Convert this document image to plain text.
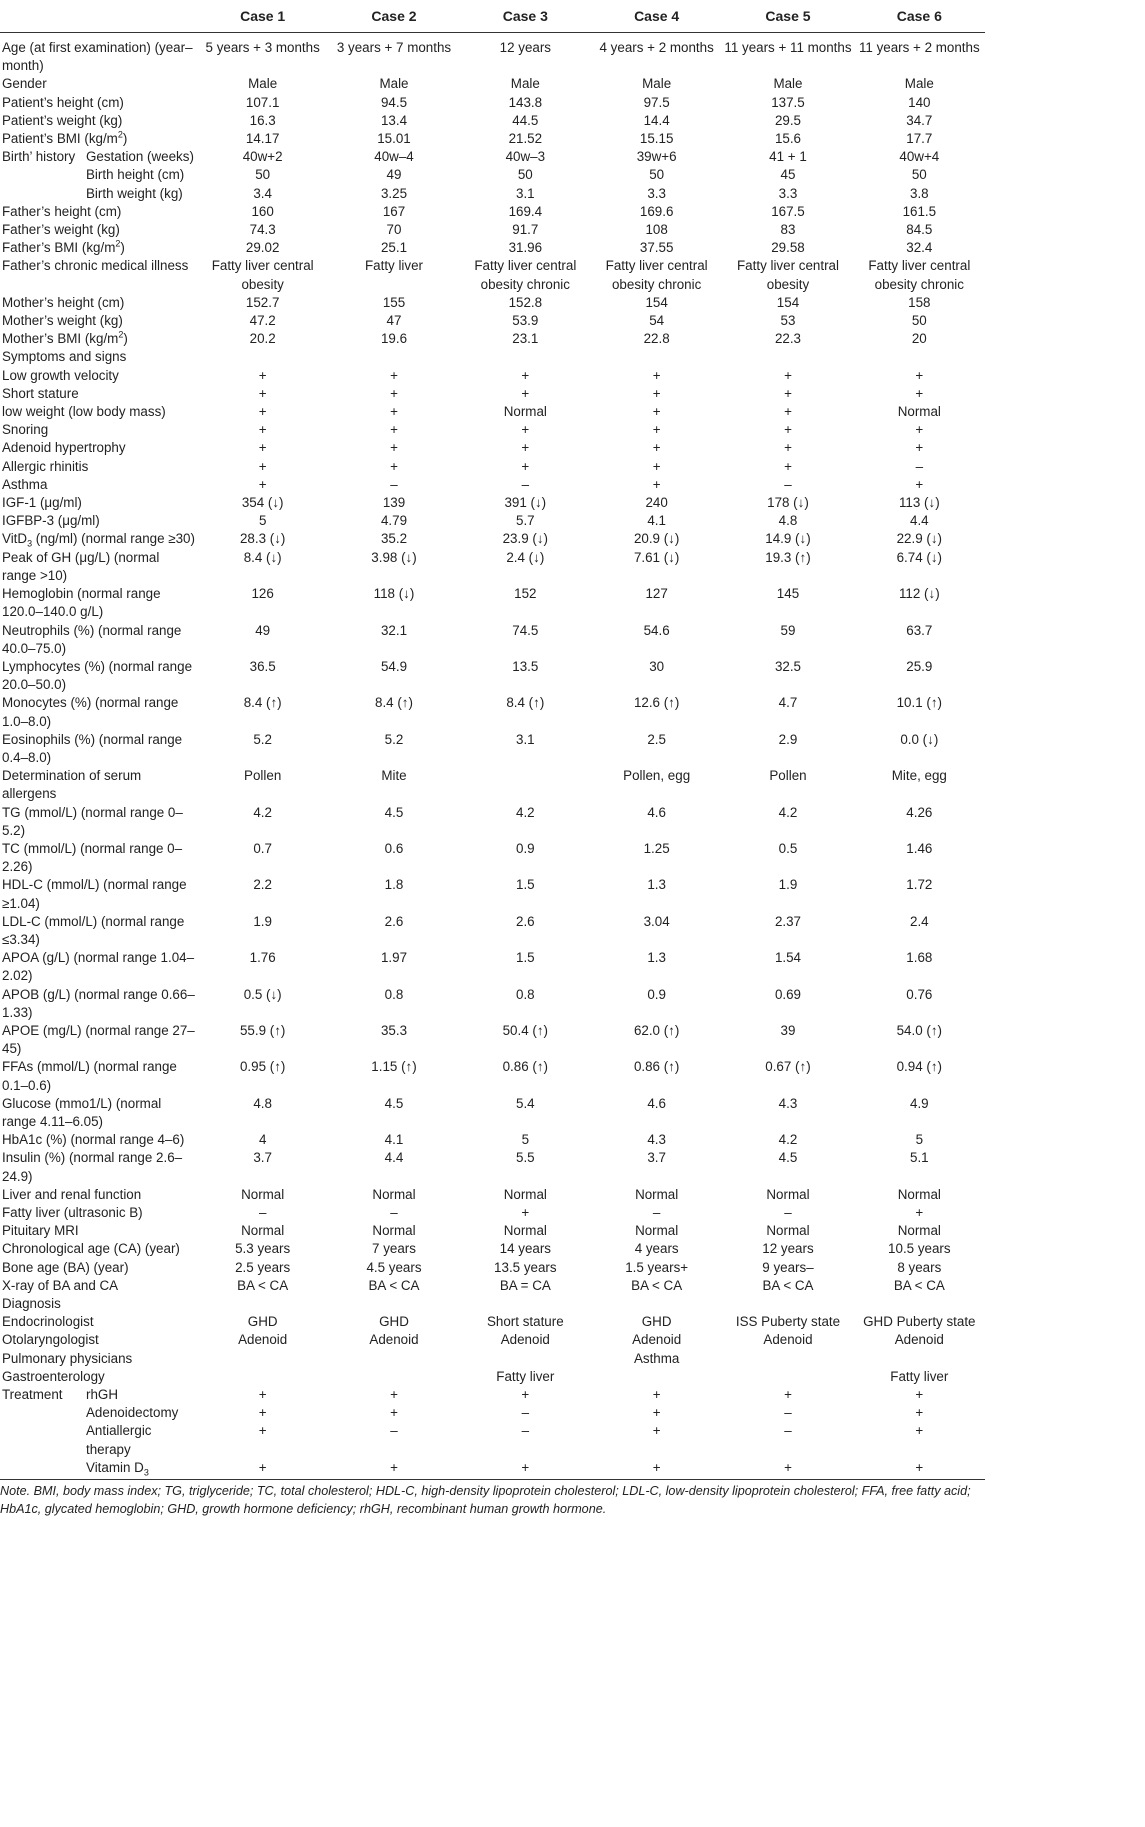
	Case 1	Case 2	Case 3	Case 4	Case 5	Case 6

Age (at first examination) (year–month)	5 years + 3 months	3 years + 7 months	12 years	4 years + 2 months	11 years + 11 months	11 years + 2 months
Gender	Male	Male	Male	Male	Male	Male
Patient’s height (cm)	107.1	94.5	143.8	97.5	137.5	140
Patient’s weight (kg)	16.3	13.4	44.5	14.4	29.5	34.7
Patient’s BMI $(kg/m^2)$	14.17	15.01	21.52	15.15	15.6	17.7

Birth’ history Gestation (weeks)	40w+2	40w–4	40w–3	39w+6	41 + 1	40w+4
Birth height (cm)	50	49	50	50	45	50
Birth weight (kg)	3.4	3.25	3.1	3.3	3.3	3.8
Father’s height (cm)	160	167	169.4	169.6	167.5	161.5
Father’s weight (kg)	74.3	70	91.7	108	83	84.5
Father’s BMI $(kg/m^2)$	29.02	25.1	31.96	37.55	29.58	32.4
Father’s chronic medical illness	Fatty liver central obesity	Fatty liver	Fatty liver central obesity chronic	Fatty liver central obesity chronic	Fatty liver central obesity	Fatty liver central obesity chronic
Mother’s height (cm)	152.7	155	152.8	154	154	158
Mother’s weight (kg)	47.2	47	53.9	54	53	50
Mother’s BMI $(kg/m^2)$	20.2	19.6	23.1	22.8	22.3	20
Symptoms and signs						
Low growth velocity	+	+	+	+	+	+
Short stature	+	+	+	+	+	+
low weight (low body mass)	+	+	Normal	+	+	Normal
Snoring	+	+	+	+	+	+
Adenoid hypertrophy	+	+	+	+	+	+
Allergic rhinitis	+	+	+	+	+	–
Asthma	+	–	–	+	–	+
IGF-1 (μg/ml)	354 (↓)	139	391 (↓)	240	178 (↓)	113 (↓)
IGFBP-3 (μg/ml)	5	4.79	5.7	4.1	4.8	4.4
VitD$_3$ (ng/ml) (normal range ≥30)	28.3 (↓)	35.2	23.9 (↓)	20.9 (↓)	14.9 (↓)	22.9 (↓)
Peak of GH (μg/L) (normal range >10)	8.4 (↓)	3.98 (↓)	2.4 (↓)	7.61 (↓)	19.3 (↑)	6.74 (↓)
Hemoglobin (normal range 120.0–140.0 g/L)	126	118 (↓)	152	127	145	112 (↓)
Neutrophils (%) (normal range 40.0–75.0)	49	32.1	74.5	54.6	59	63.7
Lymphocytes (%) (normal range 20.0–50.0)	36.5	54.9	13.5	30	32.5	25.9
Monocytes (%) (normal range 1.0–8.0)	8.4 (↑)	8.4 (↑)	8.4 (↑)	12.6 (↑)	4.7	10.1 (↑)
Eosinophils (%) (normal range 0.4–8.0)	5.2	5.2	3.1	2.5	2.9	0.0 (↓)
Determination of serum allergens	Pollen	Mite		Pollen, egg	Pollen	Mite, egg
TG (mmol/L) (normal range 0–5.2)	4.2	4.5	4.2	4.6	4.2	4.26
TC (mmol/L) (normal range 0–2.26)	0.7	0.6	0.9	1.25	0.5	1.46
HDL-C (mmol/L) (normal range ≥1.04)	2.2	1.8	1.5	1.3	1.9	1.72
LDL-C (mmol/L) (normal range ≤3.34)	1.9	2.6	2.6	3.04	2.37	2.4
APOA (g/L) (normal range 1.04–2.02)	1.76	1.97	1.5	1.3	1.54	1.68
APOB (g/L) (normal range 0.66–1.33)	0.5 (↓)	0.8	0.8	0.9	0.69	0.76
APOE (mg/L) (normal range 27–45)	55.9 (↑)	35.3	50.4 (↑)	62.0 (↑)	39	54.0 (↑)
FFAs (mmol/L) (normal range 0.1–0.6)	0.95 (↑)	1.15 (↑)	0.86 (↑)	0.86 (↑)	0.67 (↑)	0.94 (↑)
Glucose (mmo1/L) (normal range 4.11–6.05)	4.8	4.5	5.4	4.6	4.3	4.9
HbA1c (%) (normal range 4–6)	4	4.1	5	4.3	4.2	5
Insulin (%) (normal range 2.6–24.9)	3.7	4.4	5.5	3.7	4.5	5.1
Liver and renal function	Normal	Normal	Normal	Normal	Normal	Normal
Fatty liver (ultrasonic B)	–	–	+	–	–	+
Pituitary MRI	Normal	Normal	Normal	Normal	Normal	Normal
Chronological age (CA) (year)	5.3 years	7 years	14 years	4 years	12 years	10.5 years
Bone age (BA) (year)	2.5 years	4.5 years	13.5 years	1.5 years+	9 years–	8 years
X-ray of BA and CA	BA < CA	BA < CA	BA = CA	BA < CA	BA < CA	BA < CA
Diagnosis						
Endocrinologist	GHD	GHD	Short stature	GHD	ISS Puberty state	GHD Puberty state
Otolaryngologist	Adenoid	Adenoid	Adenoid	Adenoid	Adenoid	Adenoid
Pulmonary physicians				Asthma		
Gastroenterology			Fatty liver			Fatty liver

Treatment rhGH	+	+	+	+	+	+
Adenoidectomy	+	+	–	+	–	+
Antiallergic therapy	+	–	–	+	–	+
Vitamin $D_3$	+	+	+	+	+	+
Note. BMI, body mass index; TG, triglyceride; TC, total cholesterol; HDL-C, high-density lipoprotein cholesterol; LDL-C, low-density lipoprotein cholesterol; FFA, free fatty acid; HbA1c, glycated hemoglobin; GHD, growth hormone deficiency; rhGH, recombinant human growth hormone.
